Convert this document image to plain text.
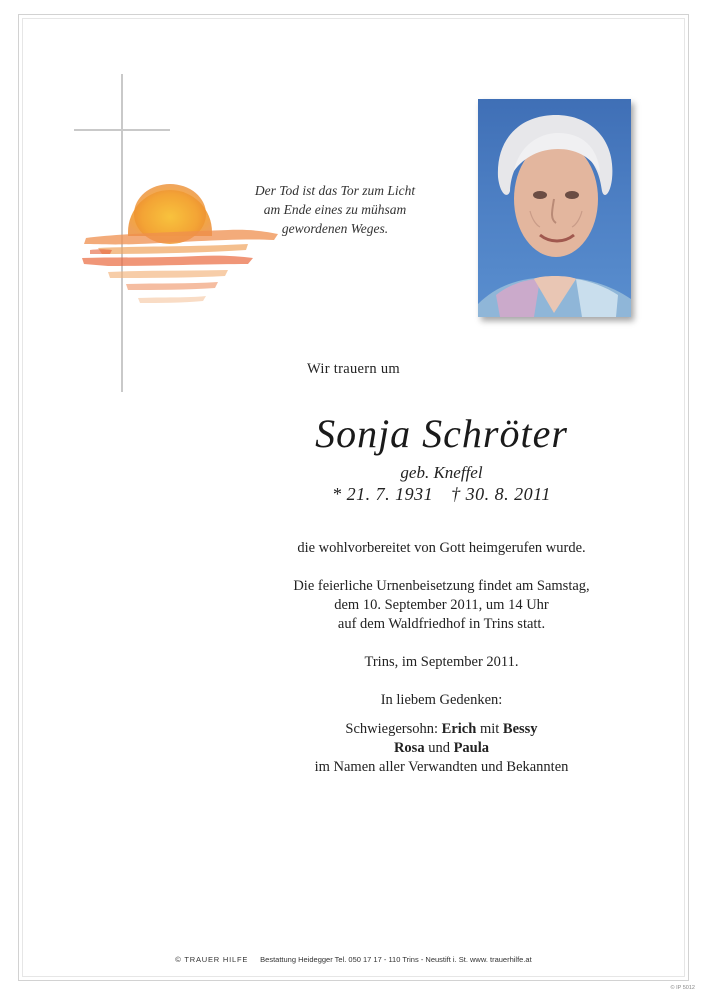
Der Tod ist das Tor zum Licht
am Ende eines zu mühsam
gewordenen Weges.
Wir trauern um
Sonja Schröter
geb. Kneffel
* 21. 7. 1931 † 30. 8. 2011

die wohlvorbereitet von Gott heimgerufen wurde.

Die feierliche Urnenbeisetzung findet am Samstag,

dem 10. September 2011, um 14 Uhr

auf dem Waldfriedhof in Trins statt.

Trins, im September 2011.

In liebem Gedenken:

Schwiegersohn: Erich mit Bessy

Rosa und Paula

im Namen aller Verwandten und Bekannten

© TRAUER HILFE Bestattung Heidegger Tel. 050 17 17 - 110 Trins - Neustift i. St. www. trauerhilfe.at
© IP 5012
